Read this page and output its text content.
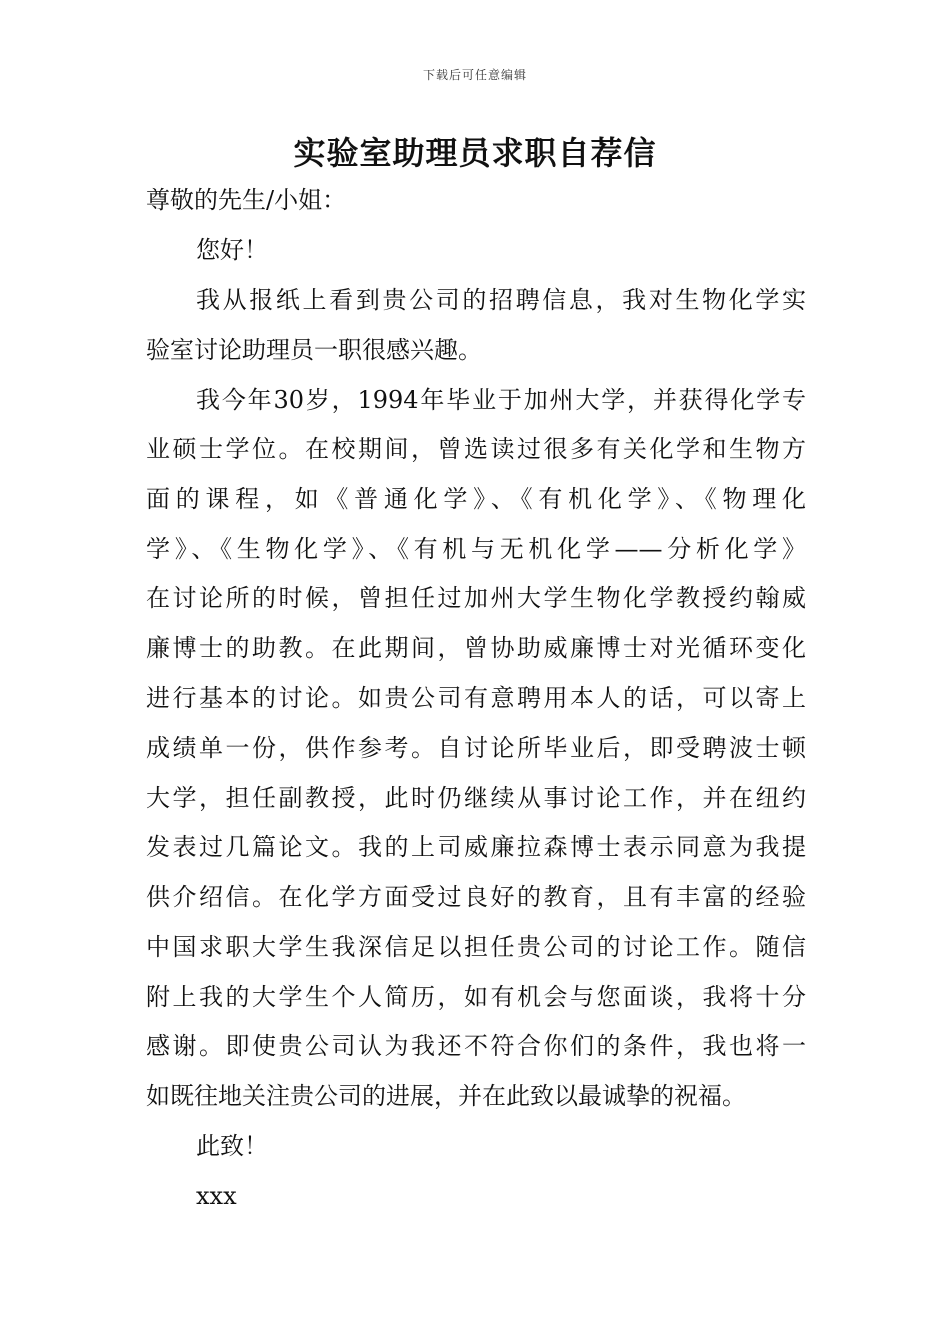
下载后可任意编辑
实验室助理员求职自荐信
尊敬的先生/小姐：
您好！
我从报纸上看到贵公司的招聘信息，我对生物化学实
验室讨论助理员一职很感兴趣。
我今年30岁，1994年毕业于加州大学，并获得化学专
业硕士学位。在校期间，曾选读过很多有关化学和生物方
面的课程，如《普通化学》、《有机化学》、《物理化
学》、《生物化学》、《有机与无机化学——分析化学》
在讨论所的时候，曾担任过加州大学生物化学教授约翰威
廉博士的助教。在此期间，曾协助威廉博士对光循环变化
进行基本的讨论。如贵公司有意聘用本人的话，可以寄上
成绩单一份，供作参考。自讨论所毕业后，即受聘波士顿
大学，担任副教授，此时仍继续从事讨论工作，并在纽约
发表过几篇论文。我的上司威廉拉森博士表示同意为我提
供介绍信。在化学方面受过良好的教育，且有丰富的经验
中国求职大学生我深信足以担任贵公司的讨论工作。随信
附上我的大学生个人简历，如有机会与您面谈，我将十分
感谢。即使贵公司认为我还不符合你们的条件，我也将一
如既往地关注贵公司的进展，并在此致以最诚挚的祝福。
此致！
xxx
